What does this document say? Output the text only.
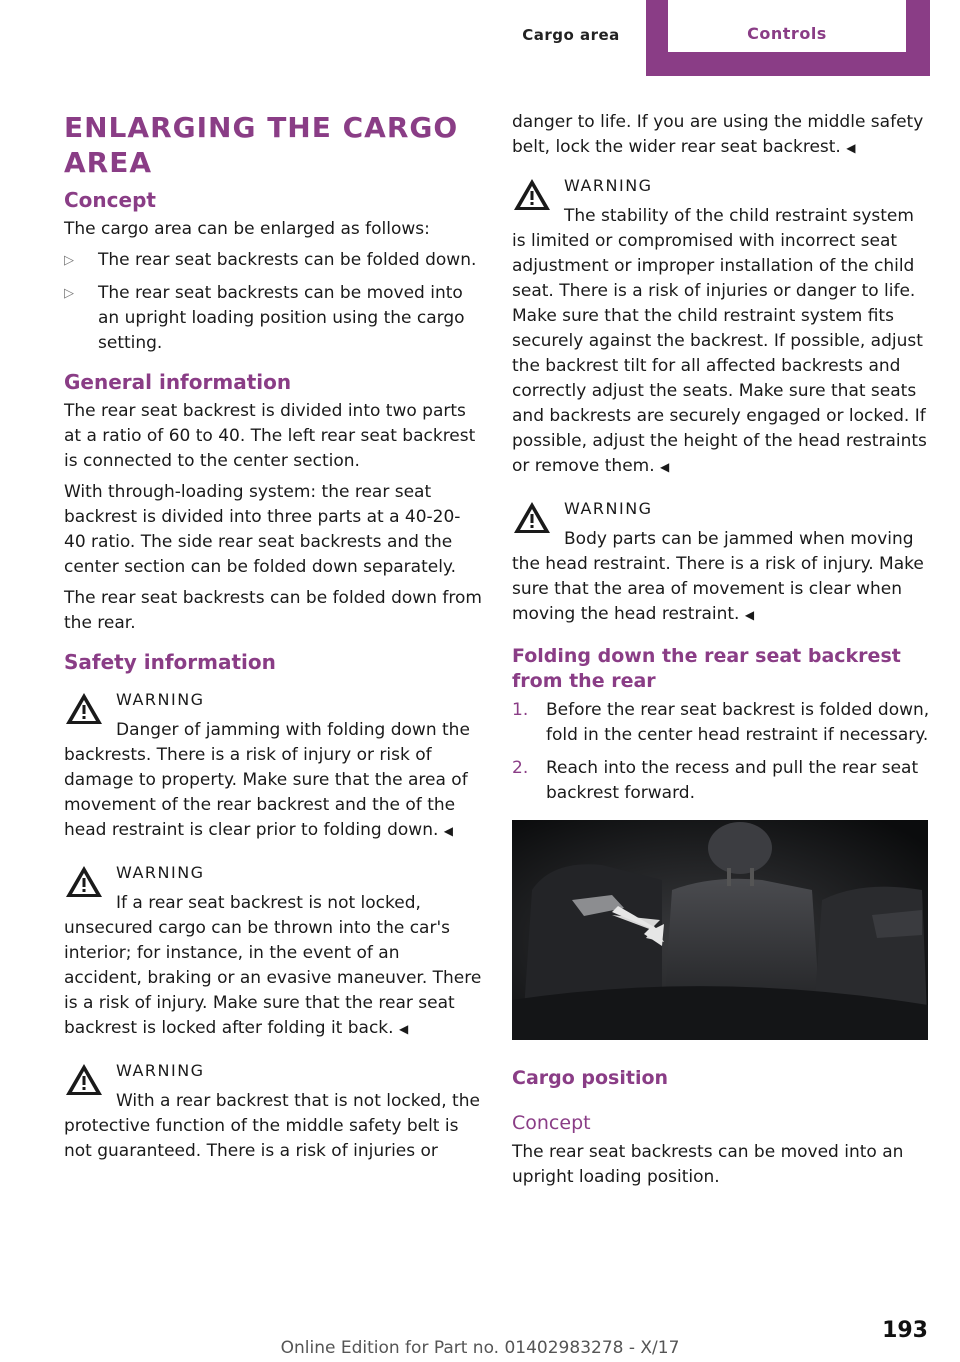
Cargo area	Controls
ENLARGING THE CARGO AREA
Concept
The cargo area can be enlarged as follows:
▷	The rear seat backrests can be folded down.
▷	The rear seat backrests can be moved into an upright loading position using the cargo setting.
General information
The rear seat backrest is divided into two parts at a ratio of 60 to 40. The left rear seat backrest is connected to the center section.
With through-loading system: the rear seat backrest is divided into three parts at a 40-20-40 ratio. The side rear seat backrests and the center section can be folded down separately.
The rear seat backrests can be folded down from the rear.
Safety information
WARNING
Danger of jamming with folding down the backrests. There is a risk of injury or risk of damage to property. Make sure that the area of movement of the rear backrest and the of the head restraint is clear prior to folding down. ◀
WARNING
If a rear seat backrest is not locked, unsecured cargo can be thrown into the car's interior; for instance, in the event of an accident, braking or an evasive maneuver. There is a risk of injury. Make sure that the rear seat backrest is locked after folding it back. ◀
WARNING
With a rear backrest that is not locked, the protective function of the middle safety belt is not guaranteed. There is a risk of injuries or
danger to life. If you are using the middle safety belt, lock the wider rear seat backrest. ◀
WARNING
The stability of the child restraint system is limited or compromised with incorrect seat adjustment or improper installation of the child seat. There is a risk of injuries or danger to life. Make sure that the child restraint system fits securely against the backrest. If possible, adjust the backrest tilt for all affected backrests and correctly adjust the seats. Make sure that seats and backrests are securely engaged or locked. If possible, adjust the height of the head restraints or remove them. ◀
WARNING
Body parts can be jammed when moving the head restraint. There is a risk of injury. Make sure that the area of movement is clear when moving the head restraint. ◀
Folding down the rear seat backrest from the rear
1.	Before the rear seat backrest is folded down, fold in the center head restraint if necessary.
2.	Reach into the recess and pull the rear seat backrest forward.
Cargo position
Concept
The rear seat backrests can be moved into an upright loading position.
193
Online Edition for Part no. 01402983278 - X/17
